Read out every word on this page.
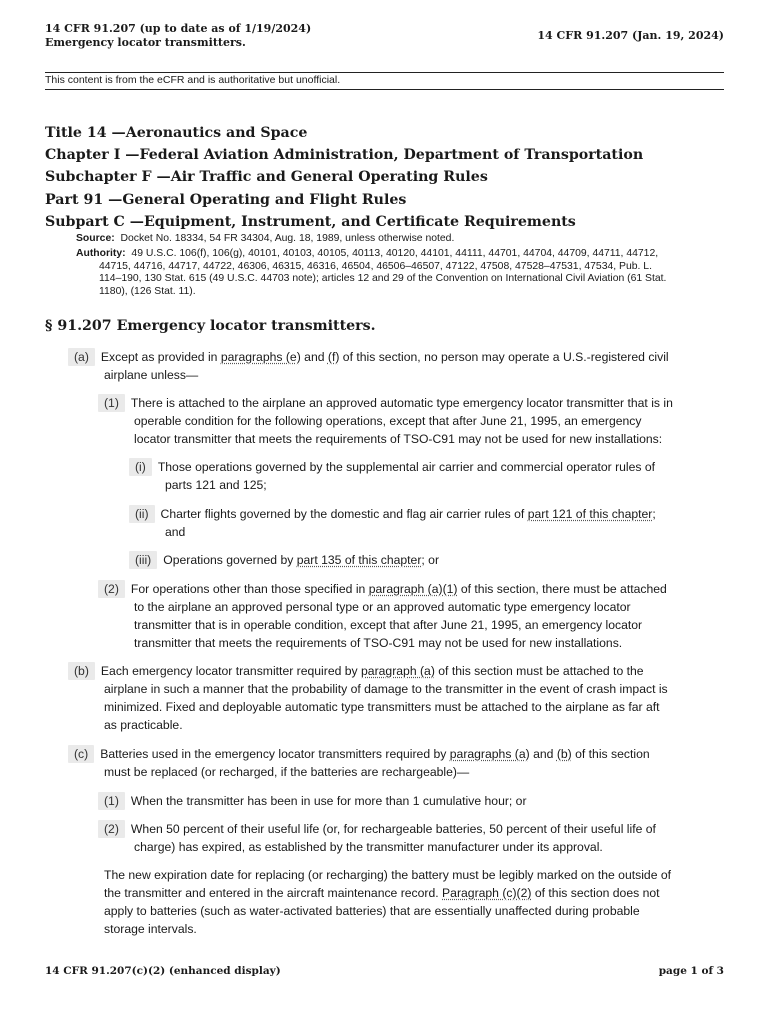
14 CFR 91.207 (up to date as of 1/19/2024)
Emergency locator transmitters.
14 CFR 91.207 (Jan. 19, 2024)
This content is from the eCFR and is authoritative but unofficial.
Title 14 —Aeronautics and Space
Chapter I —Federal Aviation Administration, Department of Transportation
Subchapter F —Air Traffic and General Operating Rules
Part 91 —General Operating and Flight Rules
Subpart C —Equipment, Instrument, and Certificate Requirements
Source: Docket No. 18334, 54 FR 34304, Aug. 18, 1989, unless otherwise noted.
Authority: 49 U.S.C. 106(f), 106(g), 40101, 40103, 40105, 40113, 40120, 44101, 44111, 44701, 44704, 44709, 44711, 44712,
44715, 44716, 44717, 44722, 46306, 46315, 46316, 46504, 46506–46507, 47122, 47508, 47528–47531, 47534, Pub. L.
114–190, 130 Stat. 615 (49 U.S.C. 44703 note); articles 12 and 29 of the Convention on International Civil Aviation (61 Stat.
1180), (126 Stat. 11).
§ 91.207 Emergency locator transmitters.
(a) Except as provided in paragraphs (e) and (f) of this section, no person may operate a U.S.-registered civil
airplane unless—
(1) There is attached to the airplane an approved automatic type emergency locator transmitter that is in
operable condition for the following operations, except that after June 21, 1995, an emergency
locator transmitter that meets the requirements of TSO-C91 may not be used for new installations:
(i) Those operations governed by the supplemental air carrier and commercial operator rules of
parts 121 and 125;
(ii) Charter flights governed by the domestic and flag air carrier rules of part 121 of this chapter;
and
(iii) Operations governed by part 135 of this chapter; or
(2) For operations other than those specified in paragraph (a)(1) of this section, there must be attached
to the airplane an approved personal type or an approved automatic type emergency locator
transmitter that is in operable condition, except that after June 21, 1995, an emergency locator
transmitter that meets the requirements of TSO-C91 may not be used for new installations.
(b) Each emergency locator transmitter required by paragraph (a) of this section must be attached to the
airplane in such a manner that the probability of damage to the transmitter in the event of crash impact is
minimized. Fixed and deployable automatic type transmitters must be attached to the airplane as far aft
as practicable.
(c) Batteries used in the emergency locator transmitters required by paragraphs (a) and (b) of this section
must be replaced (or recharged, if the batteries are rechargeable)—
(1) When the transmitter has been in use for more than 1 cumulative hour; or
(2) When 50 percent of their useful life (or, for rechargeable batteries, 50 percent of their useful life of
charge) has expired, as established by the transmitter manufacturer under its approval.
The new expiration date for replacing (or recharging) the battery must be legibly marked on the outside of
the transmitter and entered in the aircraft maintenance record. Paragraph (c)(2) of this section does not
apply to batteries (such as water-activated batteries) that are essentially unaffected during probable
storage intervals.
14 CFR 91.207(c)(2) (enhanced display)	page 1 of 3
